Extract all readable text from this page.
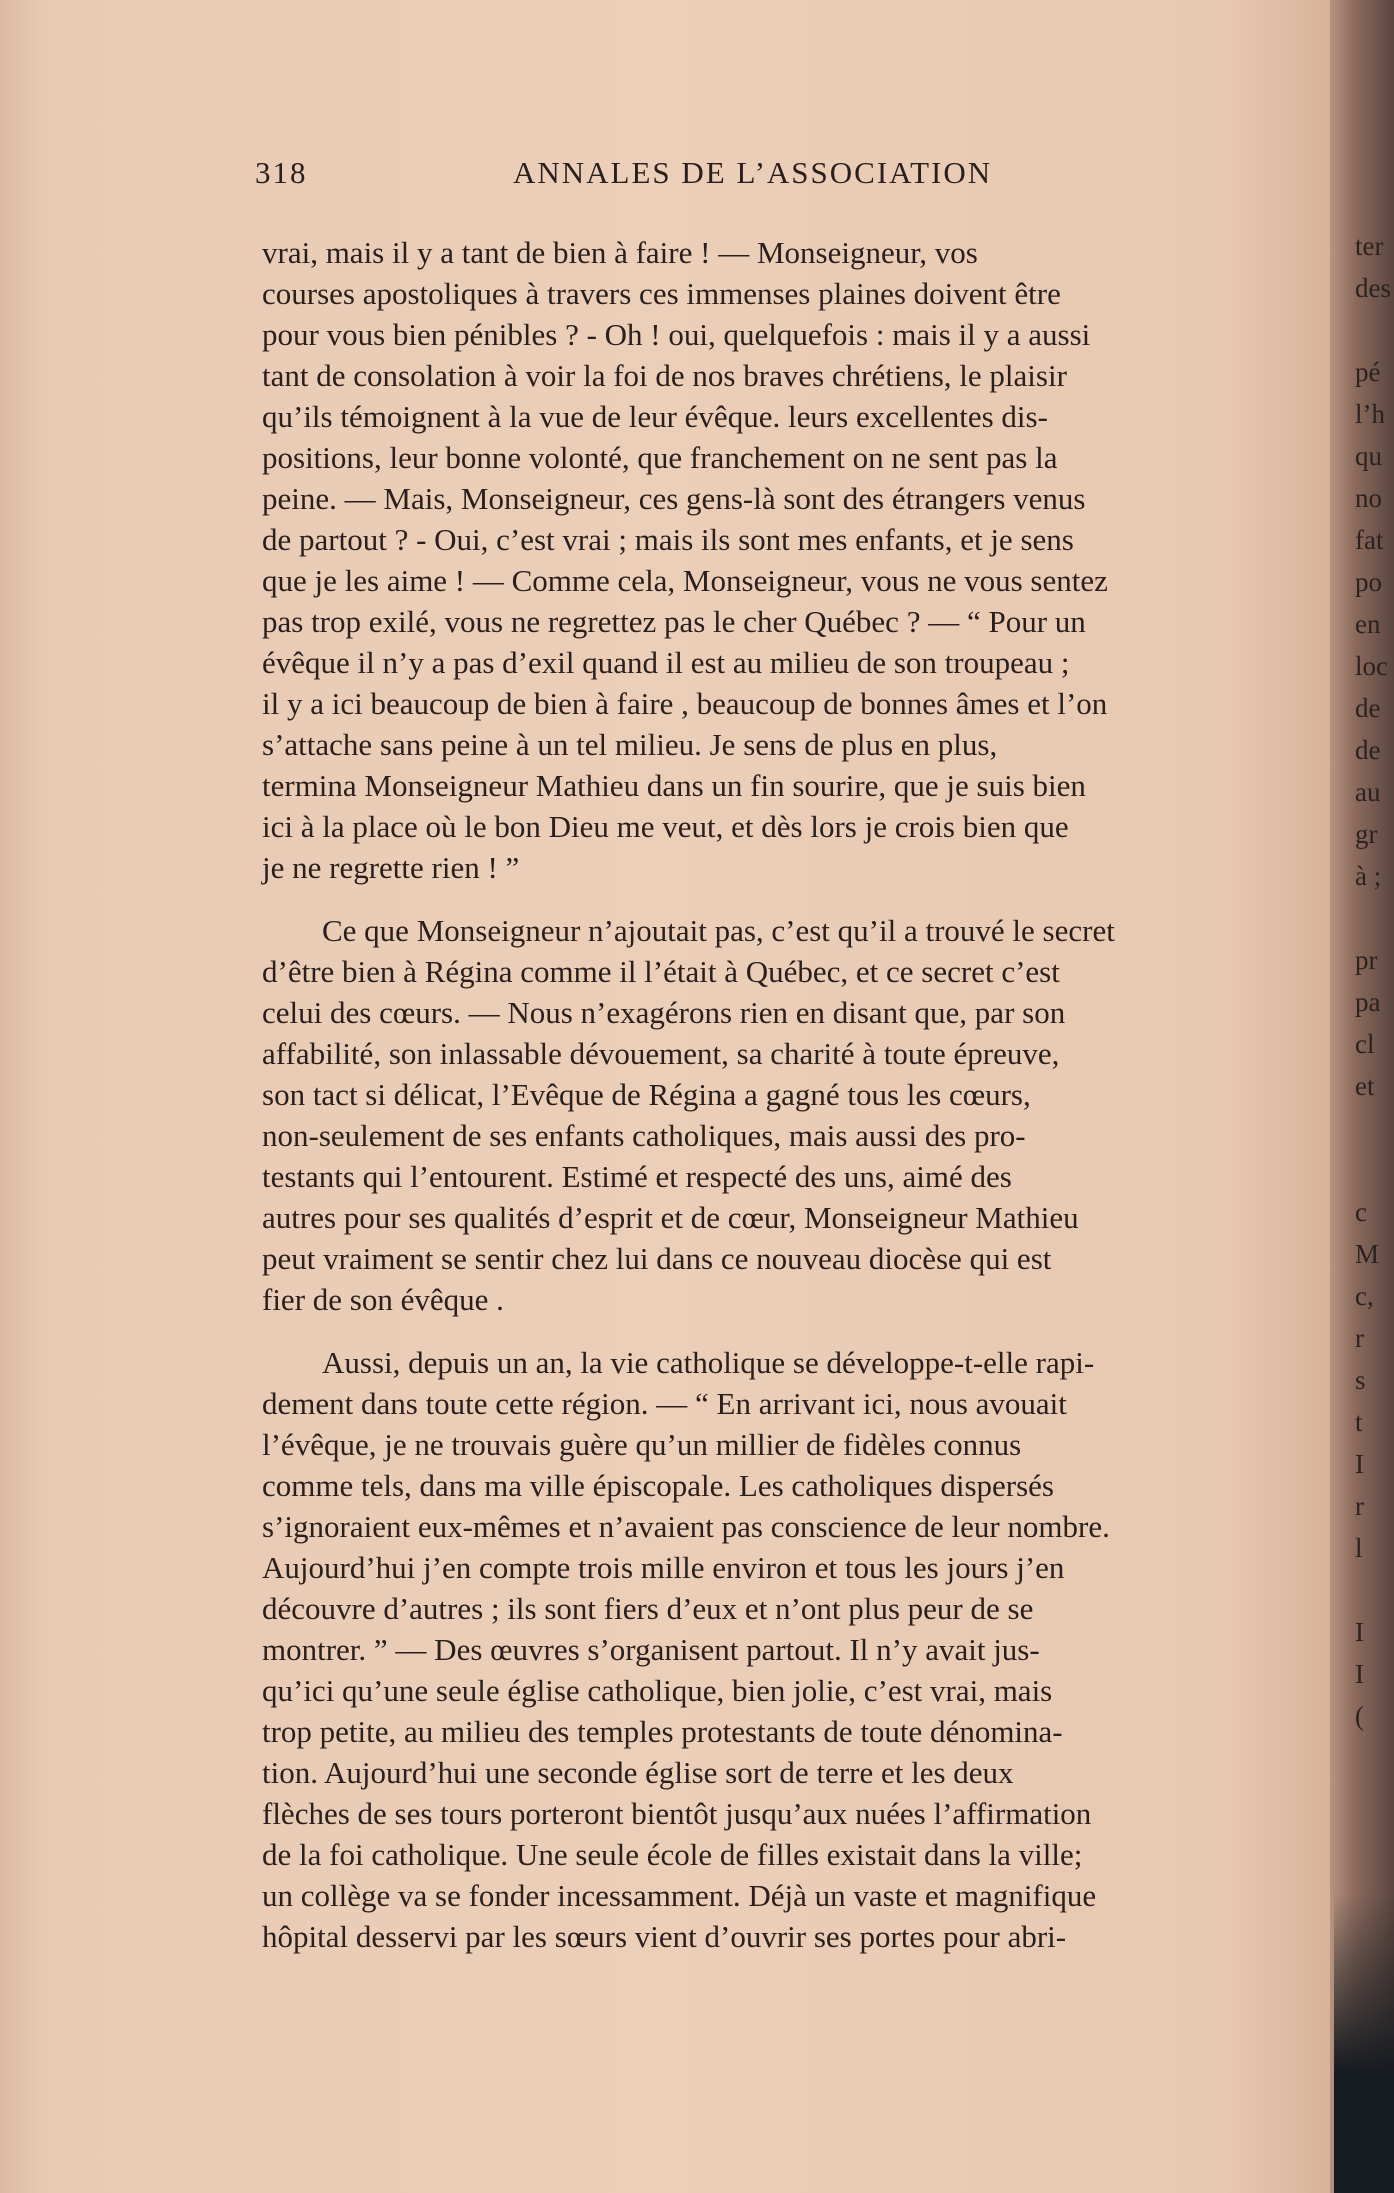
318	ANNALES DE L’ASSOCIATION
vrai, mais il y a tant de bien à faire ! — Monseigneur, vos
courses apostoliques à travers ces immenses plaines doivent être
pour vous bien pénibles ? - Oh ! oui, quelquefois : mais il y a aussi
tant de consolation à voir la foi de nos braves chrétiens, le plaisir
qu’ils témoignent à la vue de leur évêque. leurs excellentes dis-
positions, leur bonne volonté, que franchement on ne sent pas la
peine. — Mais, Monseigneur, ces gens-là sont des étrangers venus
de partout ? - Oui, c’est vrai ; mais ils sont mes enfants, et je sens
que je les aime ! — Comme cela, Monseigneur, vous ne vous sentez
pas trop exilé, vous ne regrettez pas le cher Québec ? — “ Pour un
évêque il n’y a pas d’exil quand il est au milieu de son troupeau ;
il y a ici beaucoup de bien à faire , beaucoup de bonnes âmes et l’on
s’attache sans peine à un tel milieu. Je sens de plus en plus,
termina Monseigneur Mathieu dans un fin sourire, que je suis bien
ici à la place où le bon Dieu me veut, et dès lors je crois bien que
je ne regrette rien ! ”
Ce que Monseigneur n’ajoutait pas, c’est qu’il a trouvé le secret
d’être bien à Régina comme il l’était à Québec, et ce secret c’est
celui des cœurs. — Nous n’exagérons rien en disant que, par son
affabilité, son inlassable dévouement, sa charité à toute épreuve,
son tact si délicat, l’Evêque de Régina a gagné tous les cœurs,
non-seulement de ses enfants catholiques, mais aussi des pro-
testants qui l’entourent. Estimé et respecté des uns, aimé des
autres pour ses qualités d’esprit et de cœur, Monseigneur Mathieu
peut vraiment se sentir chez lui dans ce nouveau diocèse qui est
fier de son évêque .
Aussi, depuis un an, la vie catholique se développe-t-elle rapi-
dement dans toute cette région. — “ En arrivant ici, nous avouait
l’évêque, je ne trouvais guère qu’un millier de fidèles connus
comme tels, dans ma ville épiscopale. Les catholiques dispersés
s’ignoraient eux-mêmes et n’avaient pas conscience de leur nombre.
Aujourd’hui j’en compte trois mille environ et tous les jours j’en
découvre d’autres ; ils sont fiers d’eux et n’ont plus peur de se
montrer. ” — Des œuvres s’organisent partout. Il n’y avait jus-
qu’ici qu’une seule église catholique, bien jolie, c’est vrai, mais
trop petite, au milieu des temples protestants de toute dénomina-
tion. Aujourd’hui une seconde église sort de terre et les deux
flèches de ses tours porteront bientôt jusqu’aux nuées l’affirmation
de la foi catholique. Une seule école de filles existait dans la ville;
un collège va se fonder incessamment. Déjà un vaste et magnifique
hôpital desservi par les sœurs vient d’ouvrir ses portes pour abri-
ter
des
pé
l’h
qu
no
fat
po
en
loc
de
de
au
gr
à ;
pr
pa
cl
et
c
M
c,
r
s
t
I
r
l
I
I
(
